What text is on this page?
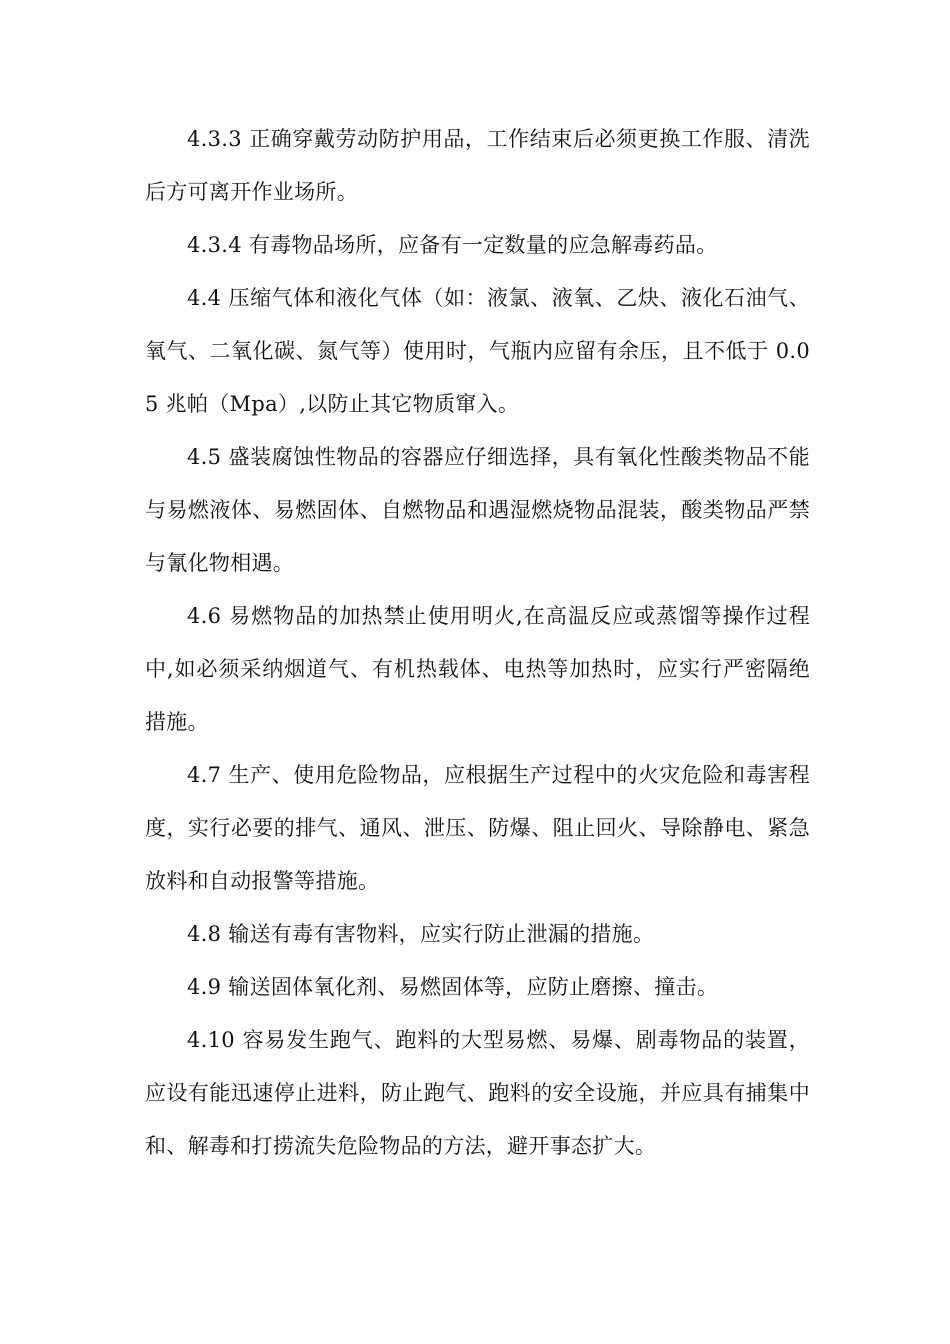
4.3.3 正确穿戴劳动防护用品，工作结束后必须更换工作服、清洗后方可离开作业场所。

4.3.4 有毒物品场所，应备有一定数量的应急解毒药品。

4.4 压缩气体和液化气体（如：液氯、液氧、乙炔、液化石油气、氧气、二氧化碳、氮气等）使用时，气瓶内应留有余压，且不低于 0.05 兆帕（Mpa）,以防止其它物质窜入。

4.5 盛装腐蚀性物品的容器应仔细选择，具有氧化性酸类物品不能与易燃液体、易燃固体、自燃物品和遇湿燃烧物品混装，酸类物品严禁与氰化物相遇。

4.6 易燃物品的加热禁止使用明火,在高温反应或蒸馏等操作过程中,如必须采纳烟道气、有机热载体、电热等加热时，应实行严密隔绝措施。

4.7 生产、使用危险物品，应根据生产过程中的火灾危险和毒害程度，实行必要的排气、通风、泄压、防爆、阻止回火、导除静电、紧急放料和自动报警等措施。

4.8 输送有毒有害物料，应实行防止泄漏的措施。

4.9 输送固体氧化剂、易燃固体等，应防止磨擦、撞击。

4.10 容易发生跑气、跑料的大型易燃、易爆、剧毒物品的装置，应设有能迅速停止进料，防止跑气、跑料的安全设施，并应具有捕集中和、解毒和打捞流失危险物品的方法，避开事态扩大。
